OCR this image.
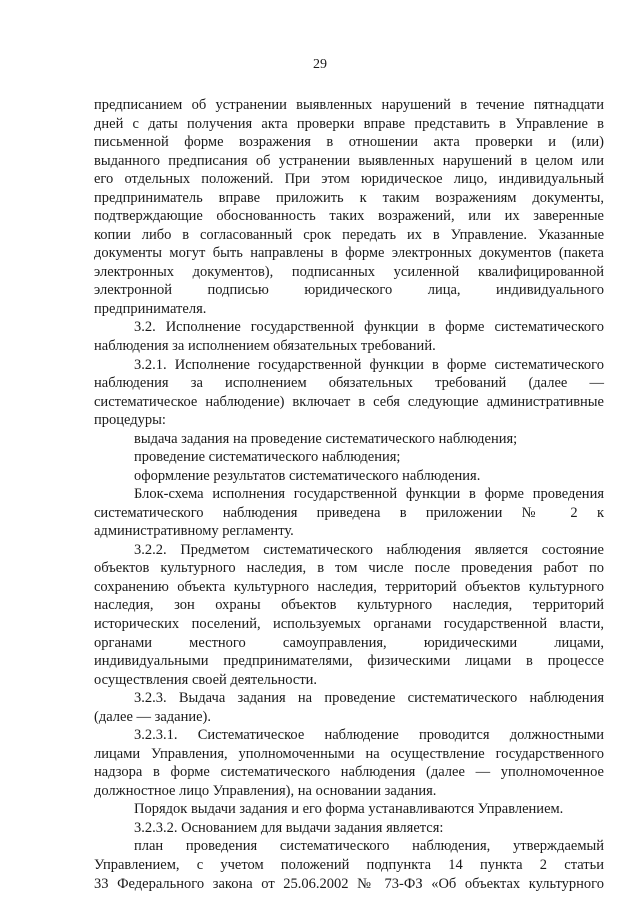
29
предписанием об устранении выявленных нарушений в течение пятнадцати
дней с даты получения акта проверки вправе представить в Управление в
письменной форме возражения в отношении акта проверки и (или)
выданного предписания об устранении выявленных нарушений в целом или
его отдельных положений. При этом юридическое лицо, индивидуальный
предприниматель вправе приложить к таким возражениям документы,
подтверждающие обоснованность таких возражений, или их заверенные
копии либо в согласованный срок передать их в Управление. Указанные
документы могут быть направлены в форме электронных документов (пакета
электронных документов), подписанных усиленной квалифицированной
электронной подписью юридического лица, индивидуального
предпринимателя.
3.2. Исполнение государственной функции в форме систематического
наблюдения за исполнением обязательных требований.
3.2.1. Исполнение государственной функции в форме систематического
наблюдения за исполнением обязательных требований (далее —
систематическое наблюдение) включает в себя следующие административные
процедуры:
выдача задания на проведение систематического наблюдения;
проведение систематического наблюдения;
оформление результатов систематического наблюдения.
Блок-схема исполнения государственной функции в форме проведения
систематического наблюдения приведена в приложении № 2 к
административному регламенту.
3.2.2. Предметом систематического наблюдения является состояние
объектов культурного наследия, в том числе после проведения работ по
сохранению объекта культурного наследия, территорий объектов культурного
наследия, зон охраны объектов культурного наследия, территорий
исторических поселений, используемых органами государственной власти,
органами местного самоуправления, юридическими лицами,
индивидуальными предпринимателями, физическими лицами в процессе
осуществления своей деятельности.
3.2.3. Выдача задания на проведение систематического наблюдения
(далее — задание).
3.2.3.1. Систематическое наблюдение проводится должностными
лицами Управления, уполномоченными на осуществление государственного
надзора в форме систематического наблюдения (далее — уполномоченное
должностное лицо Управления), на основании задания.
Порядок выдачи задания и его форма устанавливаются Управлением.
3.2.3.2. Основанием для выдачи задания является:
план проведения систематического наблюдения, утверждаемый
Управлением, с учетом положений подпункта 14 пункта 2 статьи
33 Федерального закона от 25.06.2002 № 73-ФЗ «Об объектах культурного
